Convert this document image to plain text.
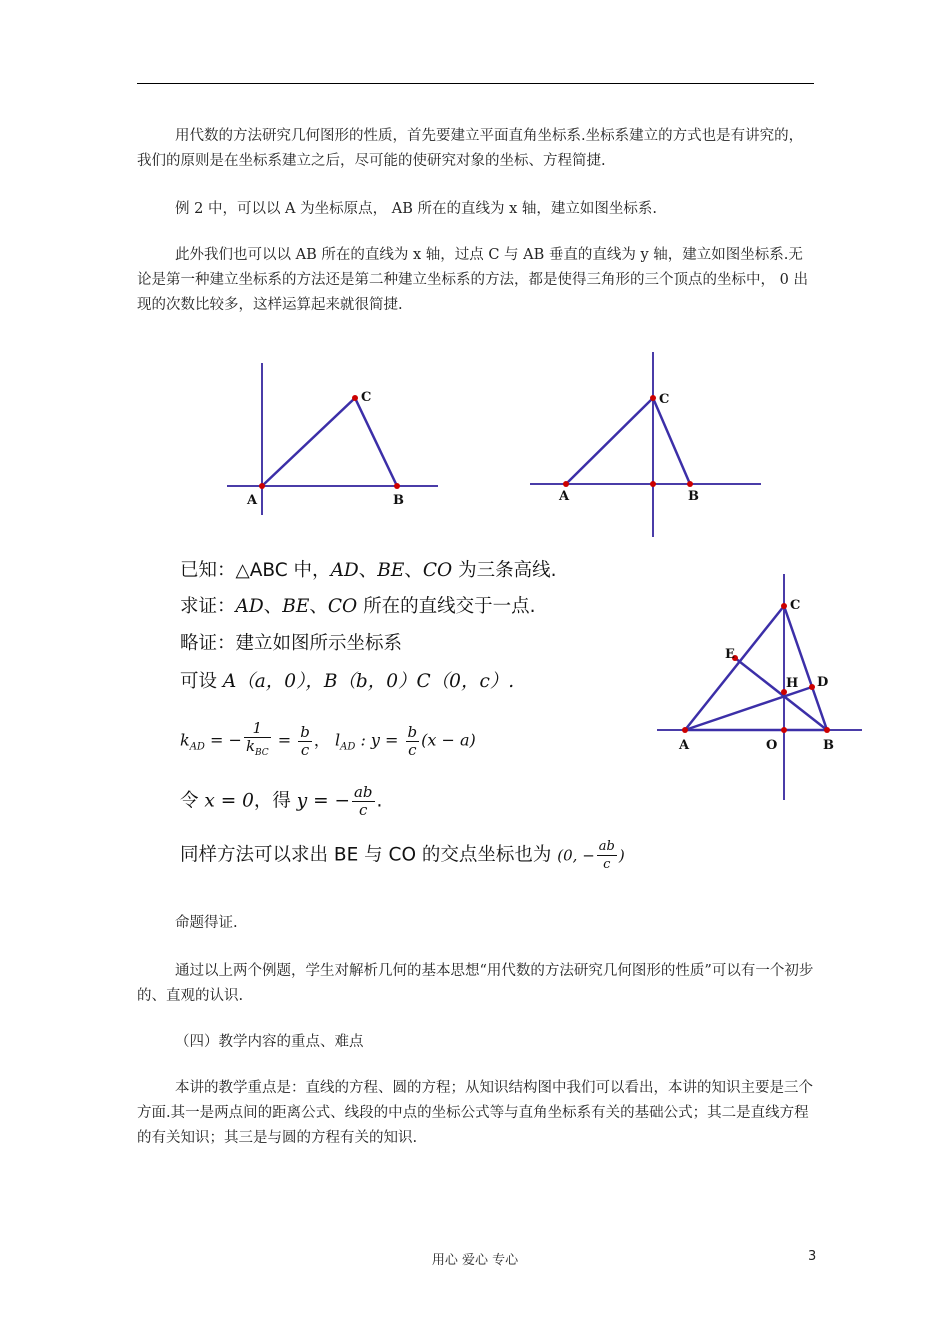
用代数的方法研究几何图形的性质，首先要建立平面直角坐标系.坐标系建立的方式也是有讲究的，我们的原则是在坐标系建立之后，尽可能的使研究对象的坐标、方程简捷.

例 2 中，可以以 A 为坐标原点， AB 所在的直线为 x 轴，建立如图坐标系.

此外我们也可以以 AB 所在的直线为 x 轴，过点 C 与 AB 垂直的直线为 y 轴，建立如图坐标系.无论是第一种建立坐标系的方法还是第二种建立坐标系的方法，都是使得三角形的三个顶点的坐标中， 0 出现的次数比较多，这样运算起来就很简捷.

A
C
B	A
C
B
已知：△ABC 中，AD、BE、CO 为三条高线.
求证：AD、BE、CO 所在的直线交于一点.
略证：建立如图所示坐标系
可设 A（a，0），B（b，0）C（0，c）.
$k_{AD}$ = − $\frac{1}{k_{BC}} = \frac{b}{c}$ ， $l_{AD}$ : $y = \frac{b}{c} (x - a)$
令 x = 0，得 y = − $\frac{ab}{c}$ .
同样方法可以求出 BE 与 CO 的交点坐标也为 (0, − $\frac{ab}{c}$ )
A
C
B
O
D
E
H
命题得证.

通过以上两个例题，学生对解析几何的基本思想“用代数的方法研究几何图形的性质”可以有一个初步的、直观的认识.

（四）教学内容的重点、难点

本讲的教学重点是：直线的方程、圆的方程；从知识结构图中我们可以看出，本讲的知识主要是三个方面.其一是两点间的距离公式、线段的中点的坐标公式等与直角坐标系有关的基础公式；其二是直线方程的有关知识；其三是与圆的方程有关的知识.

用心 爱心 专心	3
